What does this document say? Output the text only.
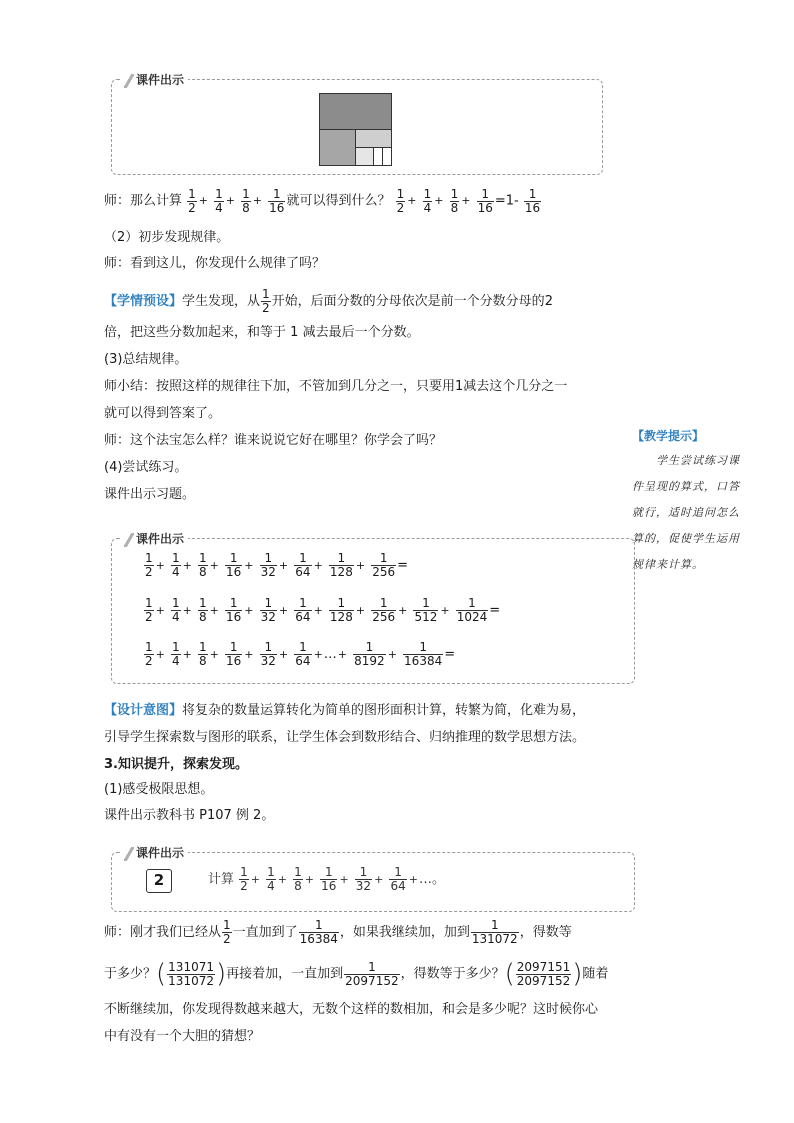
课件出示
师：那么计算 $\frac{1}{2} + \frac{1}{4} + \frac{1}{8} + \frac{1}{16}$ 就可以得到什么？ $\frac{1}{2} + \frac{1}{4} + \frac{1}{8} + \frac{1}{16} =1- \frac{1}{16}$
（2）初步发现规律。
师：看到这儿，你发现什么规律了吗？
【学情预设】学生发现，从 $\frac{1}{2}$ 开始，后面分数的分母依次是前一个分数分母的2
倍，把这些分数加起来，和等于 1 减去最后一个分数。
(3)总结规律。
师小结：按照这样的规律往下加，不管加到几分之一，只要用1减去这个几分之一
就可以得到答案了。
师：这个法宝怎么样？谁来说说它好在哪里？你学会了吗？
(4)尝试练习。
课件出示习题。
【教学提示】
学生尝试练习课
件呈现的算式，口答
就行，适时追问怎么
算的，促使学生运用
规律来计算。
课件出示
$\frac{1}{2} + \frac{1}{4} + \frac{1}{8} + \frac{1}{16} + \frac{1}{32} + \frac{1}{64} + \frac{1}{128} + \frac{1}{256}$ =
$\frac{1}{2} + \frac{1}{4} + \frac{1}{8} + \frac{1}{16} + \frac{1}{32} + \frac{1}{64} + \frac{1}{128} + \frac{1}{256} + \frac{1}{512} + \frac{1}{1024}$ =
$\frac{1}{2} + \frac{1}{4} + \frac{1}{8} + \frac{1}{16} + \frac{1}{32} + \frac{1}{64}$ +…+ $\frac{1}{8192} + \frac{1}{16384}$ =
【设计意图】将复杂的数量运算转化为简单的图形面积计算，转繁为简，化难为易，
引导学生探索数与图形的联系，让学生体会到数形结合、归纳推理的数学思想方法。
3.知识提升，探索发现。
(1)感受极限思想。
课件出示教科书 P107 例 2。
课件出示
2	计算 $\frac{1}{2} + \frac{1}{4} + \frac{1}{8} + \frac{1}{16} + \frac{1}{32} + \frac{1}{64}$ +…。
师：刚才我们已经从 $\frac{1}{2}$ 一直加到了 $\frac{1}{16384}$ ，如果我继续加，加到 $\frac{1}{131072}$ ，得数等
于多少？( $\frac{131071}{131072}$ )再接着加，一直加到 $\frac{1}{2097152}$ ，得数等于多少？( $\frac{2097151}{2097152}$ )随着
不断继续加，你发现得数越来越大，无数个这样的数相加，和会是多少呢？这时候你心
中有没有一个大胆的猜想？
